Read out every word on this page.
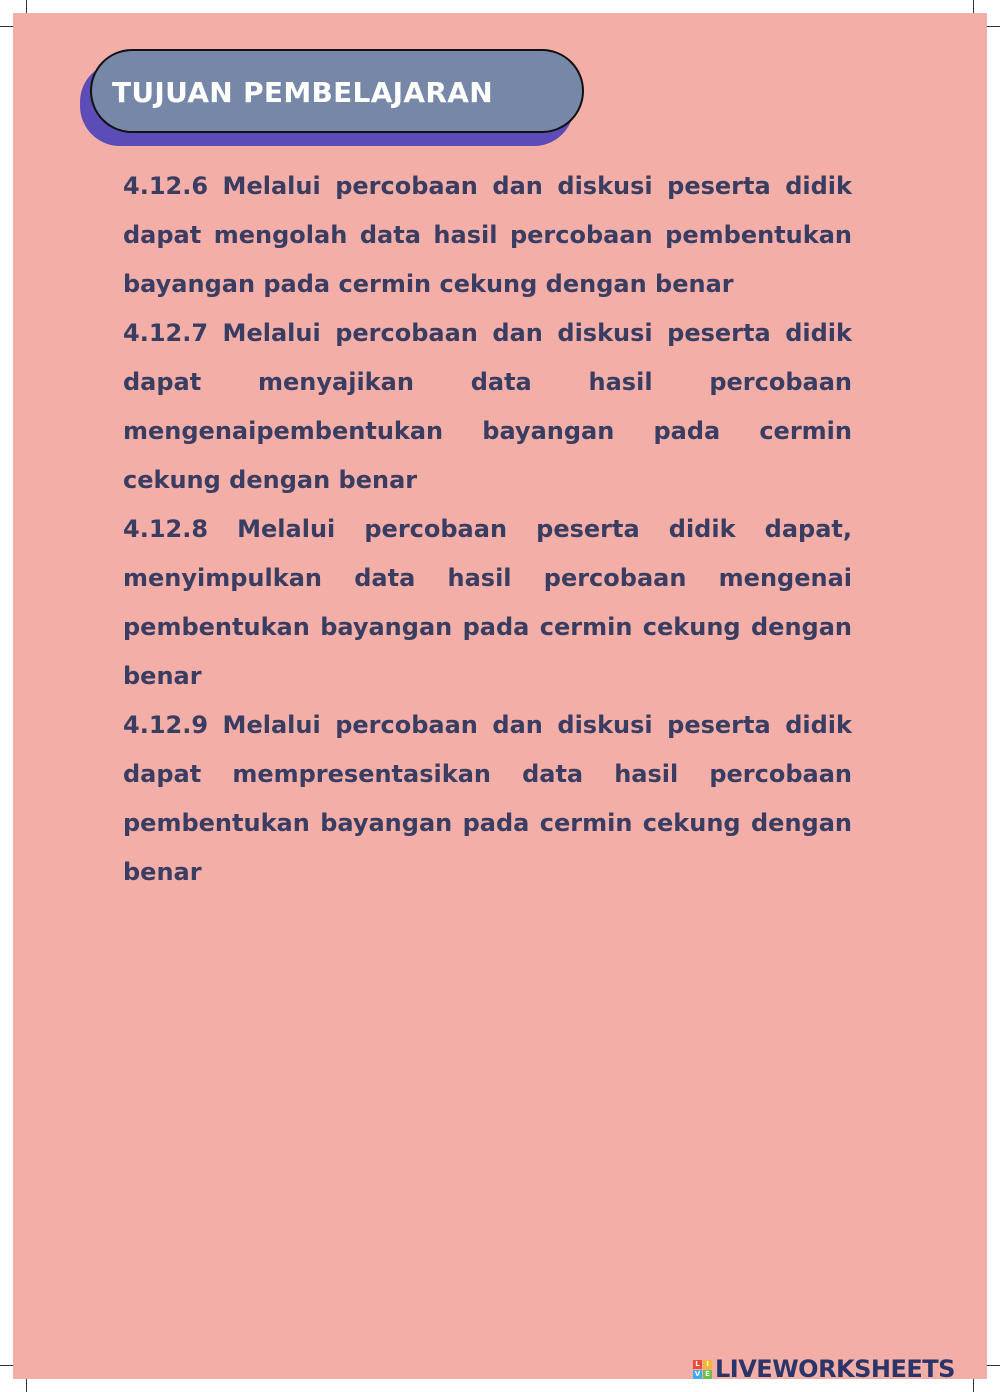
TUJUAN PEMBELAJARAN

4.12.6 Melalui percobaan dan diskusi peserta didik dapat mengolah data hasil percobaan pembentukan bayangan pada cermin cekung dengan benar

4.12.7 Melalui percobaan dan diskusi peserta didik dapat menyajikan data hasil percobaan mengenaipembentukan bayangan pada cermin cekung dengan benar

4.12.8 Melalui percobaan peserta didik dapat, menyimpulkan data hasil percobaan mengenai pembentukan bayangan pada cermin cekung dengan benar

4.12.9 Melalui percobaan dan diskusi peserta didik dapat mempresentasikan data hasil percobaan pembentukan bayangan pada cermin cekung dengan benar

L I
V E LIVEWORKSHEETS
